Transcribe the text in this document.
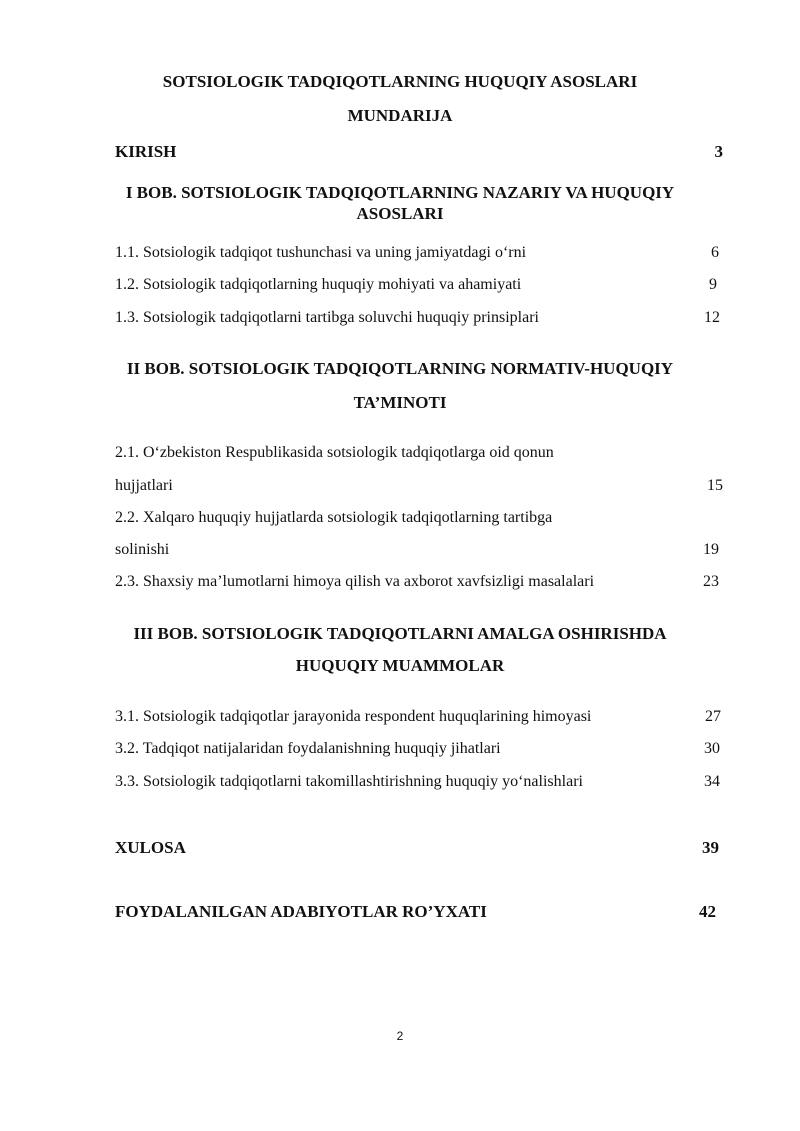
SOTSIOLOGIK TADQIQOTLARNING HUQUQIY ASOSLARI
MUNDARIJA
KIRISH	3
I BOB. SOTSIOLOGIK TADQIQOTLARNING NAZARIY VA HUQUQIY
ASOSLARI
1.1. Sotsiologik tadqiqot tushunchasi va uning jamiyatdagi o‘rni	6
1.2. Sotsiologik tadqiqotlarning huquqiy mohiyati va ahamiyati	9
1.3. Sotsiologik tadqiqotlarni tartibga soluvchi huquqiy prinsiplari	12
II BOB. SOTSIOLOGIK TADQIQOTLARNING NORMATIV-HUQUQIY
TA’MINOTI
2.1. O‘zbekiston Respublikasida sotsiologik tadqiqotlarga oid qonun
hujjatlari	15
2.2. Xalqaro huquqiy hujjatlarda sotsiologik tadqiqotlarning tartibga
solinishi	19
2.3. Shaxsiy ma’lumotlarni himoya qilish va axborot xavfsizligi masalalari	23
III BOB. SOTSIOLOGIK TADQIQOTLARNI AMALGA OSHIRISHDA
HUQUQIY MUAMMOLAR
3.1. Sotsiologik tadqiqotlar jarayonida respondent huquqlarining himoyasi	27
3.2. Tadqiqot natijalaridan foydalanishning huquqiy jihatlari	30
3.3. Sotsiologik tadqiqotlarni takomillashtirishning huquqiy yo‘nalishlari	34
XULOSA	39
FOYDALANILGAN ADABIYOTLAR RO’YXATI	42
2
